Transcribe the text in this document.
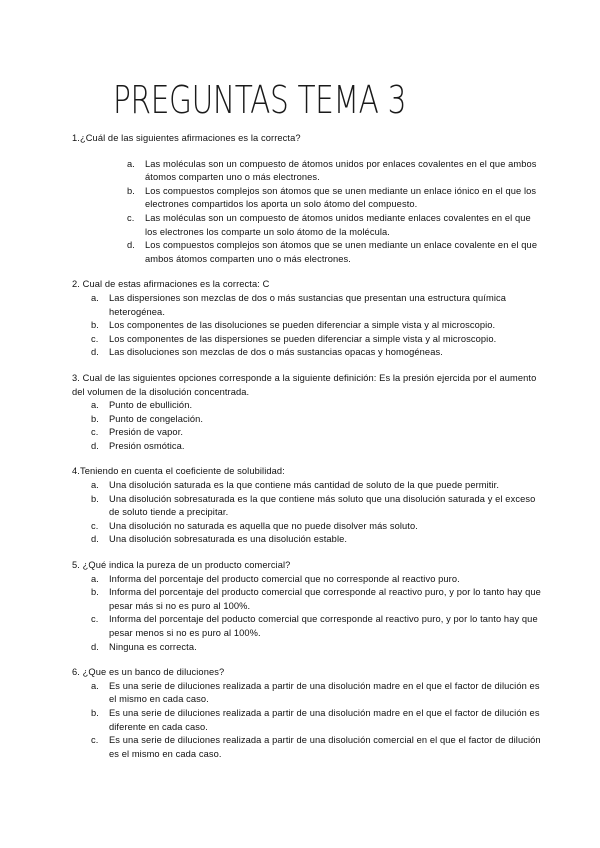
PREGUNTAS TEMA 3

1.¿Cuál de las siguientes afirmaciones es la correcta?

a.	Las moléculas son un compuesto de átomos unidos por enlaces covalentes en el que ambos átomos comparten uno o más electrones.
b.	Los compuestos complejos son átomos que se unen mediante un enlace iónico en el que los electrones compartidos los aporta un solo átomo del compuesto.
c.	Las moléculas son un compuesto de átomos unidos mediante enlaces covalentes en el que los electrones los comparte un solo átomo de la molécula.
d.	Los compuestos complejos son átomos que se unen mediante un enlace covalente en el que ambos átomos comparten uno o más electrones.

2. Cual de estas afirmaciones es la correcta: C

a.	Las dispersiones son mezclas de dos o más sustancias que presentan una estructura química heterogénea.
b.	Los componentes de las disoluciones se pueden diferenciar a simple vista y al microscopio.
c.	Los componentes de las dispersiones se pueden diferenciar a simple vista y al microscopio.
d.	Las disoluciones son mezclas de dos o más sustancias opacas y homogéneas.

3. Cual de las siguientes opciones corresponde a la siguiente definición: Es la presión ejercida por el aumento del volumen de la disolución concentrada.

a.	Punto de ebullición.
b.	Punto de congelación.
c.	Presión de vapor.
d.	Presión osmótica.

4.Teniendo en cuenta el coeficiente de solubilidad:

a.	Una disolución saturada es la que contiene más cantidad de soluto de la que puede permitir.
b.	Una disolución sobresaturada es la que contiene más soluto que una disolución saturada y el exceso de soluto tiende a precipitar.
c.	Una disolución no saturada es aquella que no puede disolver más soluto.
d.	Una disolución sobresaturada es una disolución estable.

5. ¿Qué indica la pureza de un producto comercial?

a.	Informa del porcentaje del producto comercial que no corresponde al reactivo puro.
b.	Informa del porcentaje del producto comercial que corresponde al reactivo puro, y por lo tanto hay que pesar más si no es puro al 100%.
c.	Informa del porcentaje del poducto comercial que corresponde al reactivo puro, y por lo tanto hay que pesar menos si no es puro al 100%.
d.	Ninguna es correcta.

6. ¿Que es un banco de diluciones?

a.	Es una serie de diluciones realizada a partir de una disolución madre en el que el factor de dilución es el mismo en cada caso.
b.	Es una serie de diluciones realizada a partir de una disolución madre en el que el factor de dilución es diferente en cada caso.
c.	Es una serie de diluciones realizada a partir de una disolución comercial en el que el factor de dilución es el mismo en cada caso.
